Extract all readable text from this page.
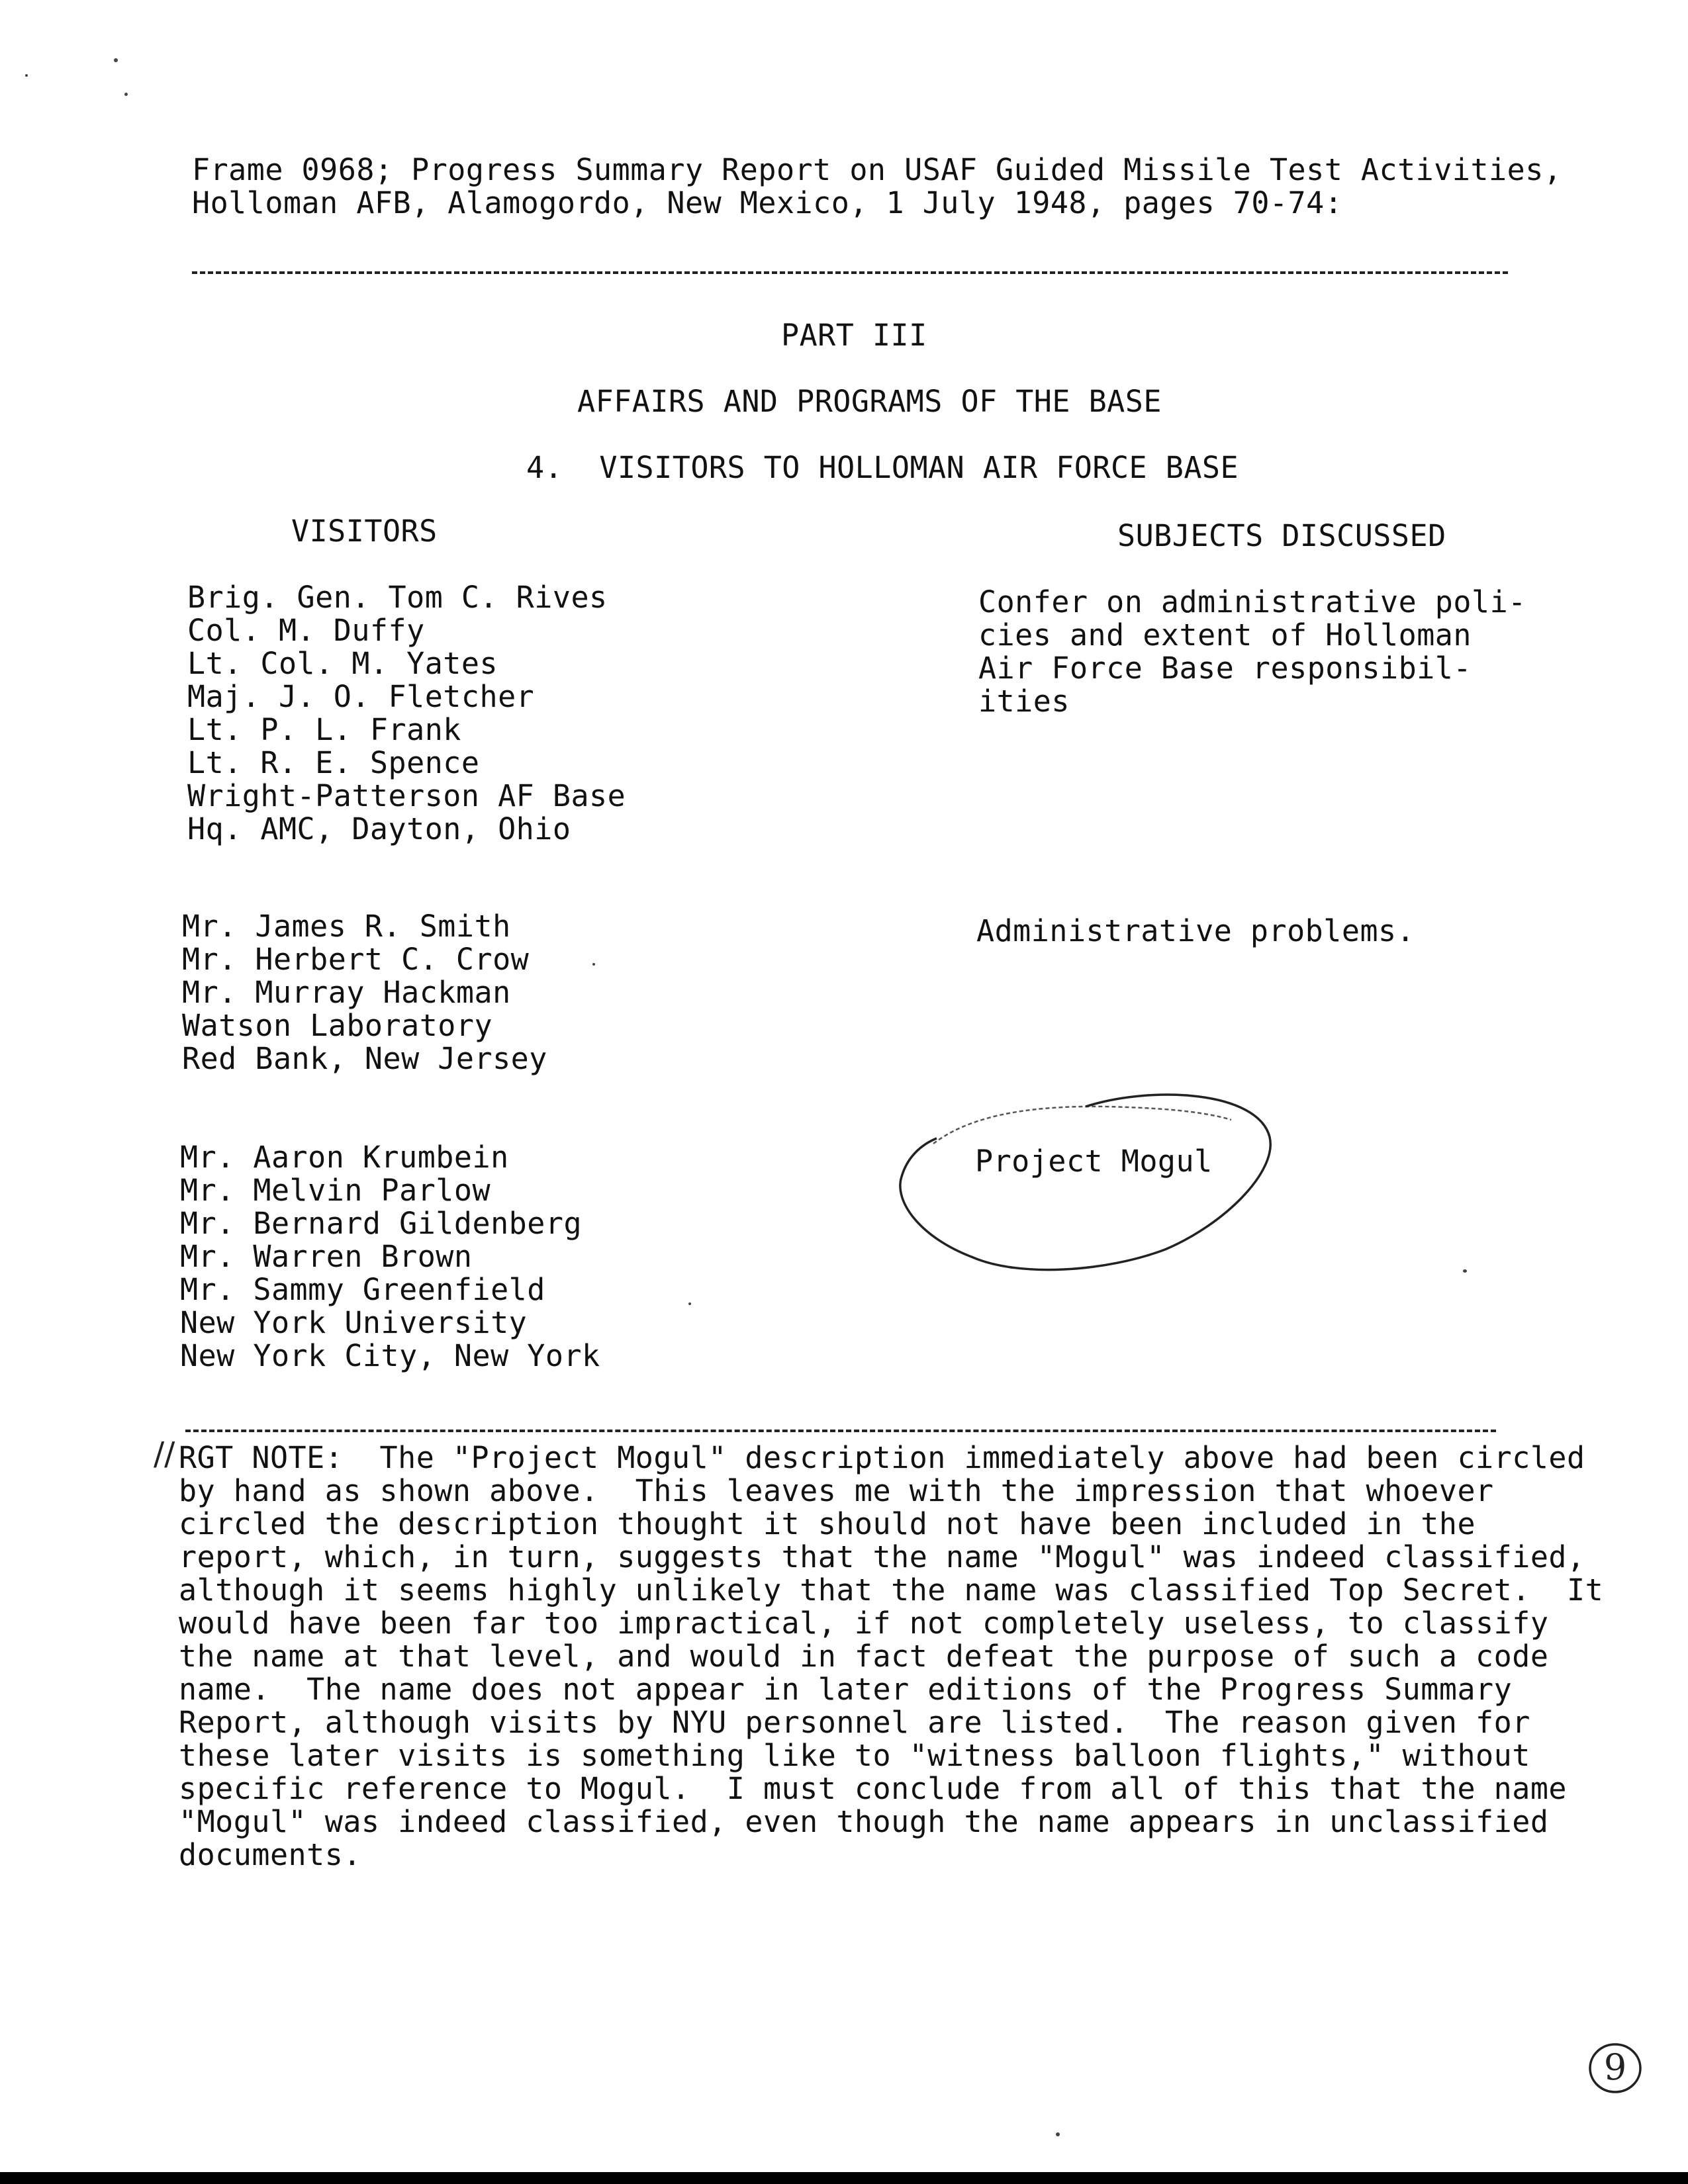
Frame 0968; Progress Summary Report on USAF Guided Missile Test Activities,
Holloman AFB, Alamogordo, New Mexico, 1 July 1948, pages 70-74:
PART III
AFFAIRS AND PROGRAMS OF THE BASE
4.  VISITORS TO HOLLOMAN AIR FORCE BASE
VISITORS	SUBJECTS DISCUSSED
Brig. Gen. Tom C. Rives
Col. M. Duffy
Lt. Col. M. Yates
Maj. J. O. Fletcher
Lt. P. L. Frank
Lt. R. E. Spence
Wright-Patterson AF Base
Hq. AMC, Dayton, Ohio
Confer on administrative poli-
cies and extent of Holloman
Air Force Base responsibil-
ities
Mr. James R. Smith
Mr. Herbert C. Crow
Mr. Murray Hackman
Watson Laboratory
Red Bank, New Jersey
Administrative problems.
Mr. Aaron Krumbein
Mr. Melvin Parlow
Mr. Bernard Gildenberg
Mr. Warren Brown
Mr. Sammy Greenfield
New York University
New York City, New York
Project Mogul
// RGT NOTE:  The "Project Mogul" description immediately above had been circled
by hand as shown above.  This leaves me with the impression that whoever
circled the description thought it should not have been included in the
report, which, in turn, suggests that the name "Mogul" was indeed classified,
although it seems highly unlikely that the name was classified Top Secret.  It
would have been far too impractical, if not completely useless, to classify
the name at that level, and would in fact defeat the purpose of such a code
name.  The name does not appear in later editions of the Progress Summary
Report, although visits by NYU personnel are listed.  The reason given for
these later visits is something like to "witness balloon flights," without
specific reference to Mogul.  I must conclude from all of this that the name
"Mogul" was indeed classified, even though the name appears in unclassified
documents.
9
